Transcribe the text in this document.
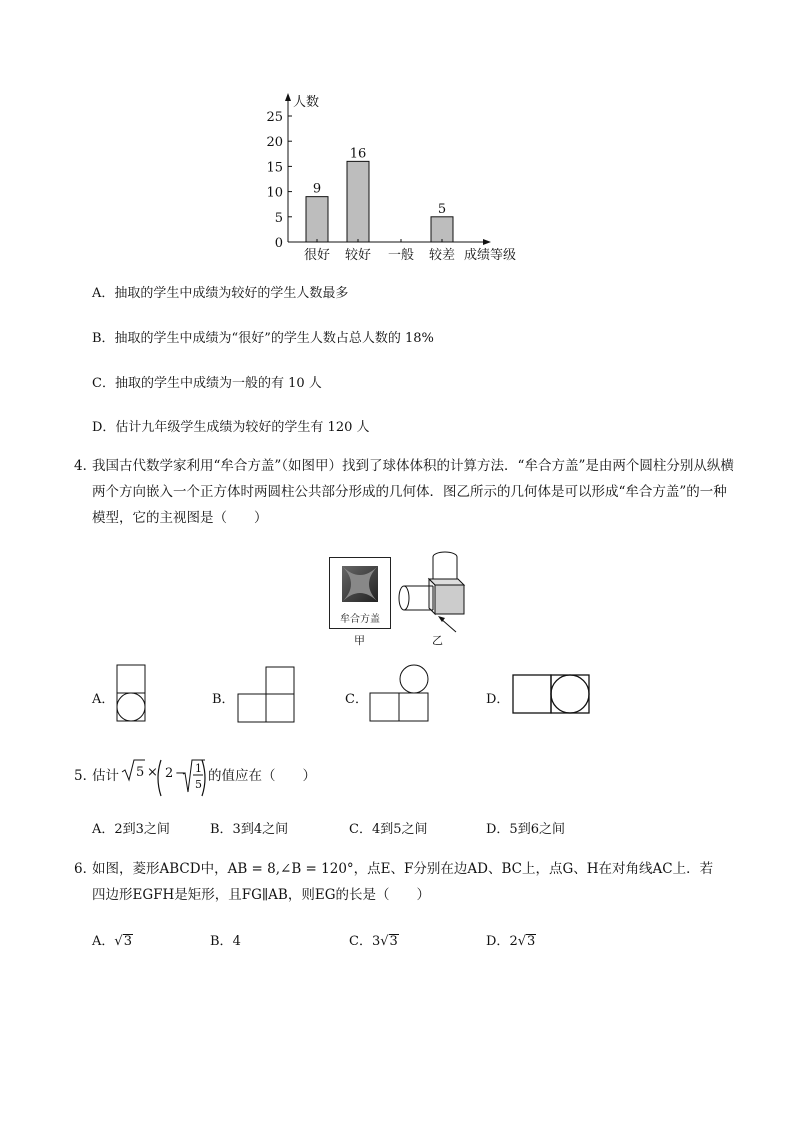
人数
0
5
10
15
20
25
9
很好
16
较好 一般
5
较差 成绩等级
A．抽取的学生中成绩为较好的学生人数最多
B．抽取的学生中成绩为“很好”的学生人数占总人数的 18%
C．抽取的学生中成绩为一般的有 10 人
D．估计九年级学生成绩为较好的学生有 120 人
4．
我国古代数学家利用“牟合方盖”（如图甲）找到了球体体积的计算方法．“牟合方盖”是由两个圆柱分别从纵横两个方向嵌入一个正方体时两圆柱公共部分形成的几何体．图乙所示的几何体是可以形成“牟合方盖”的一种模型，它的主视图是（　　）
牟合方盖
甲	乙
A．	B．	C．	D．
5．
估计 5 × 2 − 1
5
的值应在（　　）
A．2到3之间	B．3到4之间	C．4到5之间	D．5到6之间
6．
如图，菱形ABCD中，AB = 8,∠B = 120°，点E、F分别在边AD、BC上，点G、H在对角线AC上．若
四边形EGFH是矩形，且FG∥AB，则EG的长是（　　）
A．√3	B．4	C．3√3	D．2√3
